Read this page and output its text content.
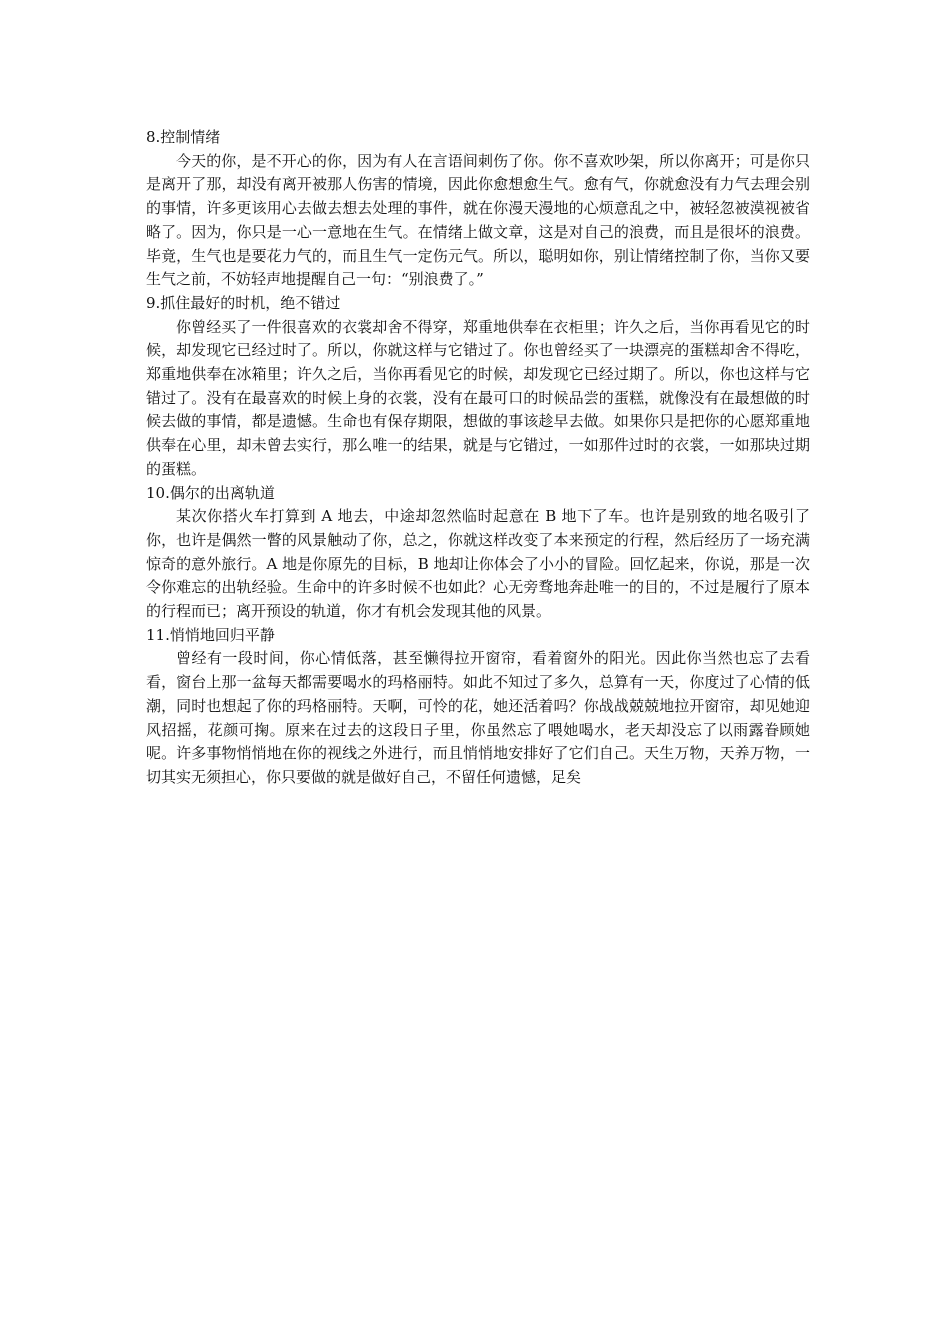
8.控制情绪

今天的你，是不开心的你，因为有人在言语间刺伤了你。你不喜欢吵架，所以你离开；可是你只是离开了那，却没有离开被那人伤害的情境，因此你愈想愈生气。愈有气，你就愈没有力气去理会别的事情，许多更该用心去做去想去处理的事件，就在你漫天漫地的心烦意乱之中，被轻忽被漠视被省略了。因为，你只是一心一意地在生气。在情绪上做文章，这是对自己的浪费，而且是很坏的浪费。毕竟，生气也是要花力气的，而且生气一定伤元气。所以，聪明如你，别让情绪控制了你，当你又要生气之前，不妨轻声地提醒自己一句：“别浪费了。”

9.抓住最好的时机，绝不错过

你曾经买了一件很喜欢的衣裳却舍不得穿，郑重地供奉在衣柜里；许久之后，当你再看见它的时候，却发现它已经过时了。所以，你就这样与它错过了。你也曾经买了一块漂亮的蛋糕却舍不得吃，郑重地供奉在冰箱里；许久之后，当你再看见它的时候，却发现它已经过期了。所以，你也这样与它错过了。没有在最喜欢的时候上身的衣裳，没有在最可口的时候品尝的蛋糕，就像没有在最想做的时候去做的事情，都是遗憾。生命也有保存期限，想做的事该趁早去做。如果你只是把你的心愿郑重地供奉在心里，却未曾去实行，那么唯一的结果，就是与它错过，一如那件过时的衣裳，一如那块过期的蛋糕。

10.偶尔的出离轨道

某次你搭火车打算到 A 地去，中途却忽然临时起意在 B 地下了车。也许是别致的地名吸引了你，也许是偶然一瞥的风景触动了你，总之，你就这样改变了本来预定的行程，然后经历了一场充满惊奇的意外旅行。A 地是你原先的目标，B 地却让你体会了小小的冒险。回忆起来，你说，那是一次令你难忘的出轨经验。生命中的许多时候不也如此？心无旁骛地奔赴唯一的目的，不过是履行了原本的行程而已；离开预设的轨道，你才有机会发现其他的风景。

11.悄悄地回归平静

曾经有一段时间，你心情低落，甚至懒得拉开窗帘，看着窗外的阳光。因此你当然也忘了去看看，窗台上那一盆每天都需要喝水的玛格丽特。如此不知过了多久，总算有一天，你度过了心情的低潮，同时也想起了你的玛格丽特。天啊，可怜的花，她还活着吗？你战战兢兢地拉开窗帘，却见她迎风招摇，花颜可掬。原来在过去的这段日子里，你虽然忘了喂她喝水，老天却没忘了以雨露眷顾她呢。许多事物悄悄地在你的视线之外进行，而且悄悄地安排好了它们自己。天生万物，天养万物，一切其实无须担心，你只要做的就是做好自己，不留任何遗憾，足矣
